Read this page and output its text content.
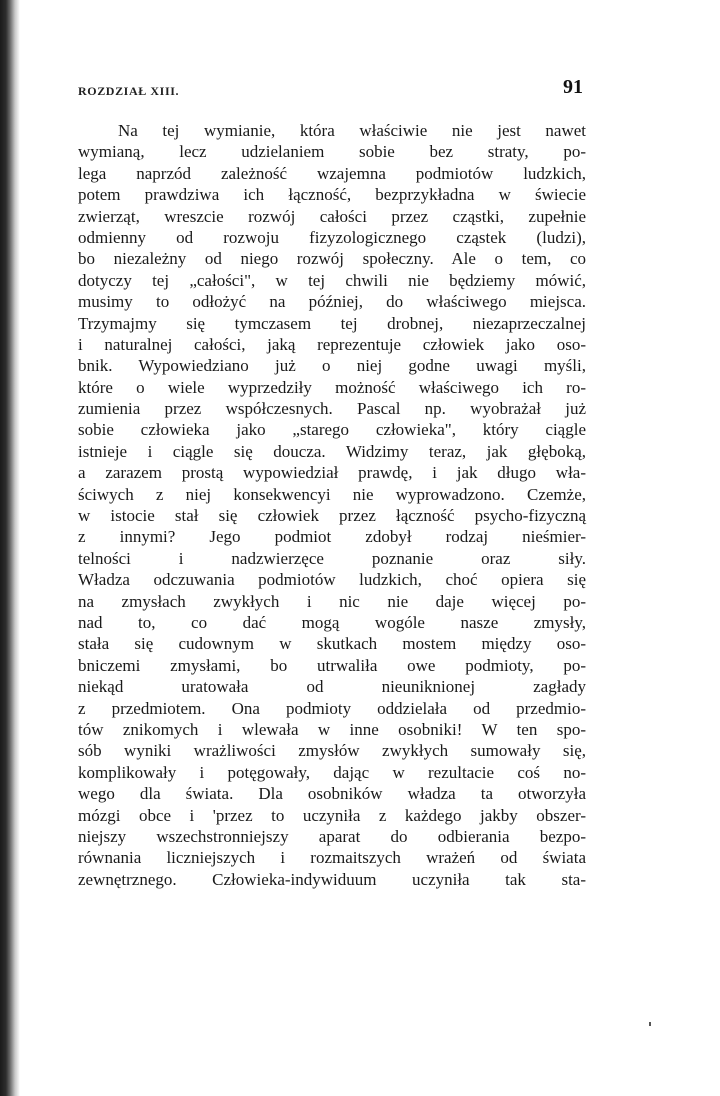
ROZDZIAŁ XIII.	91
Na tej wymianie, która właściwie nie jest nawet
wymianą, lecz udzielaniem sobie bez straty, po-
lega naprzód zależność wzajemna podmiotów ludzkich,
potem prawdziwa ich łączność, bezprzykładna w świecie
zwierząt, wreszcie rozwój całości przez cząstki, zupełnie
odmienny od rozwoju fizyzologicznego cząstek (ludzi),
bo niezależny od niego rozwój społeczny. Ale o tem, co
dotyczy tej „całości", w tej chwili nie będziemy mówić,
musimy to odłożyć na później, do właściwego miejsca.
Trzymajmy się tymczasem tej drobnej, niezaprzeczalnej
i naturalnej całości, jaką reprezentuje człowiek jako oso-
bnik. Wypowiedziano już o niej godne uwagi myśli,
które o wiele wyprzedziły możność właściwego ich ro-
zumienia przez współczesnych. Pascal np. wyobrażał już
sobie człowieka jako „starego człowieka", który ciągle
istnieje i ciągle się doucza. Widzimy teraz, jak głęboką,
a zarazem prostą wypowiedział prawdę, i jak długo wła-
ściwych z niej konsekwencyi nie wyprowadzono. Czemże,
w istocie stał się człowiek przez łączność psycho-fizyczną
z innymi? Jego podmiot zdobył rodzaj nieśmier-
telności i nadzwierzęce poznanie oraz siły.
Władza odczuwania podmiotów ludzkich, choć opiera się
na zmysłach zwykłych i nic nie daje więcej po-
nad to, co dać mogą wogóle nasze zmysły,
stała się cudownym w skutkach mostem między oso-
bniczemi zmysłami, bo utrwaliła owe podmioty, po-
niekąd uratowała od nieuniknionej zagłady
z przedmiotem. Ona podmioty oddzielała od przedmio-
tów znikomych i wlewała w inne osobniki! W ten spo-
sób wyniki wrażliwości zmysłów zwykłych sumowały się,
komplikowały i potęgowały, dając w rezultacie coś no-
wego dla świata. Dla osobników władza ta otworzyła
mózgi obce i 'przez to uczyniła z każdego jakby obszer-
niejszy wszechstronniejszy aparat do odbierania bezpo-
równania liczniejszych i rozmaitszych wrażeń od świata
zewnętrznego. Człowieka-indywiduum uczyniła tak sta-
